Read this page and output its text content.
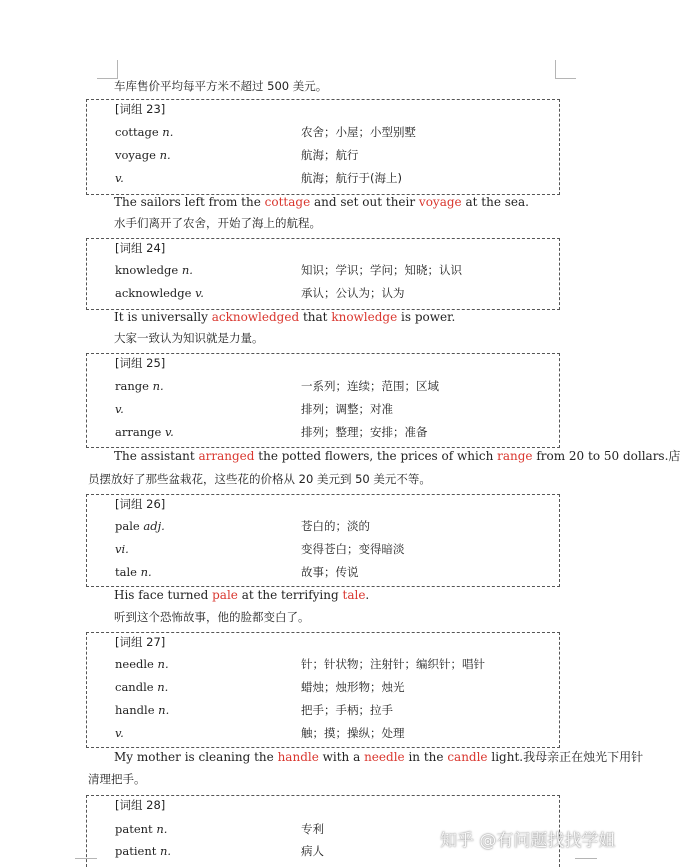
车库售价平均每平方米不超过 500 美元。
[词组 23]
cottage n.	农舍；小屋；小型别墅
voyage n.	航海；航行
v.	航海；航行于(海上)
The sailors left from the cottage and set out their voyage at the sea.
水手们离开了农舍，开始了海上的航程。
[词组 24]
knowledge n.	知识；学识；学问；知晓；认识
acknowledge v.	承认；公认为；认为
It is universally acknowledged that knowledge is power.
大家一致认为知识就是力量。
[词组 25]
range n.	一系列；连续；范围；区域
v.	排列；调整；对准
arrange v.	排列；整理；安排；准备
The assistant arranged the potted flowers, the prices of which range from 20 to 50 dollars.店
员摆放好了那些盆栽花，这些花的价格从 20 美元到 50 美元不等。
[词组 26]
pale adj.	苍白的；淡的
vi.	变得苍白；变得暗淡
tale n.	故事；传说
His face turned pale at the terrifying tale.
听到这个恐怖故事，他的脸都变白了。
[词组 27]
needle n.	针；针状物；注射针；编织针；唱针
candle n.	蜡烛；烛形物；烛光
handle n.	把手；手柄；拉手
v.	触；摸；操纵；处理
My mother is cleaning the handle with a needle in the candle light.我母亲正在烛光下用针
清理把手。
[词组 28]
patent n.	专利
patient n.	病人	知乎 @有问题找找学姐
